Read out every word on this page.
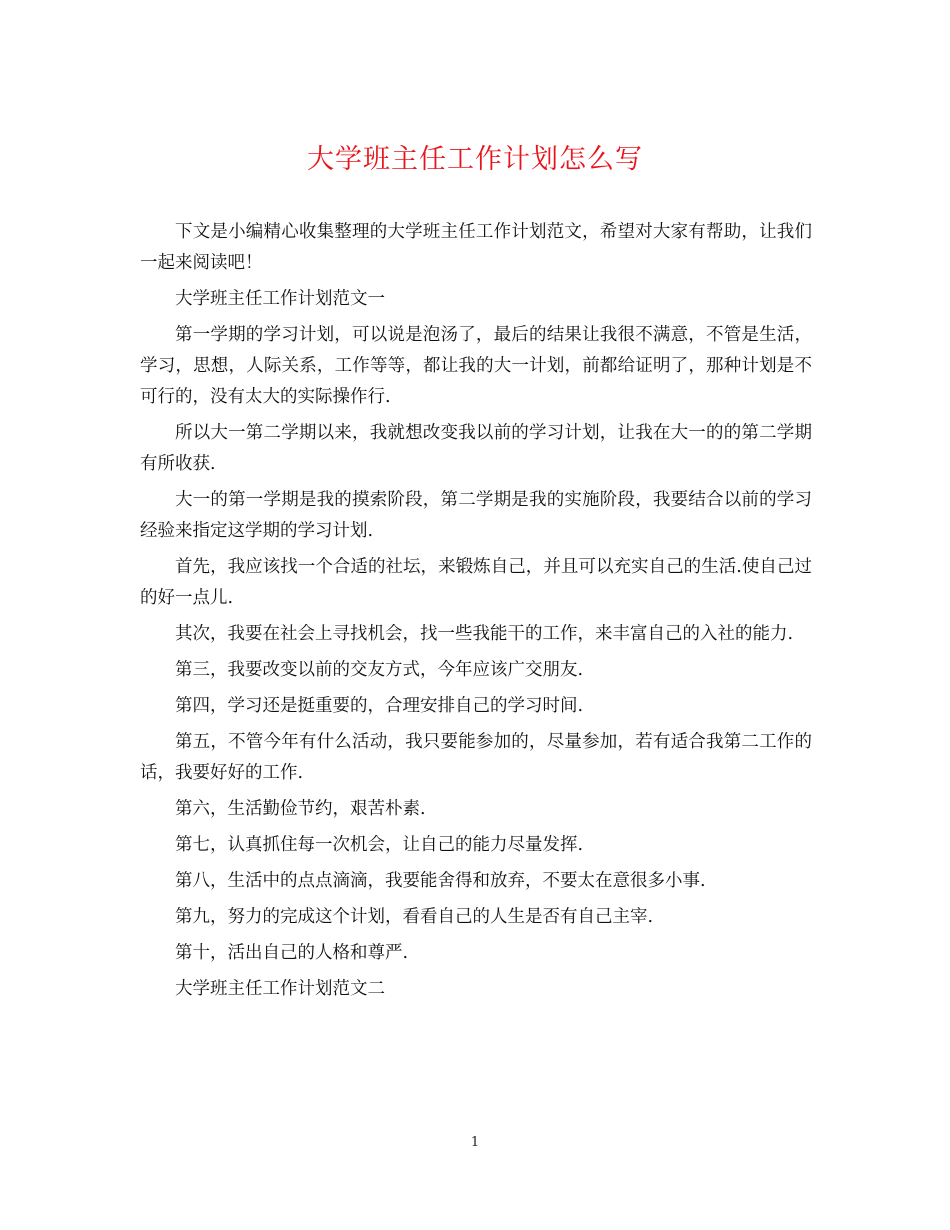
大学班主任工作计划怎么写

下文是小编精心收集整理的大学班主任工作计划范文，希望对大家有帮助，让我们一起来阅读吧！

大学班主任工作计划范文一

第一学期的学习计划，可以说是泡汤了，最后的结果让我很不满意，不管是生活，学习，思想，人际关系，工作等等，都让我的大一计划，前都给证明了，那种计划是不可行的，没有太大的实际操作行.

所以大一第二学期以来，我就想改变我以前的学习计划，让我在大一的的第二学期有所收获.

大一的第一学期是我的摸索阶段，第二学期是我的实施阶段，我要结合以前的学习经验来指定这学期的学习计划.

首先，我应该找一个合适的社坛，来锻炼自己，并且可以充实自己的生活.使自己过的好一点儿.

其次，我要在社会上寻找机会，找一些我能干的工作，来丰富自己的入社的能力.

第三，我要改变以前的交友方式，今年应该广交朋友.

第四，学习还是挺重要的，合理安排自己的学习时间.

第五，不管今年有什么活动，我只要能参加的，尽量参加，若有适合我第二工作的话，我要好好的工作.

第六，生活勤俭节约，艰苦朴素.

第七，认真抓住每一次机会，让自己的能力尽量发挥.

第八，生活中的点点滴滴，我要能舍得和放弃，不要太在意很多小事.

第九，努力的完成这个计划，看看自己的人生是否有自己主宰.

第十，活出自己的人格和尊严.

大学班主任工作计划范文二

1
